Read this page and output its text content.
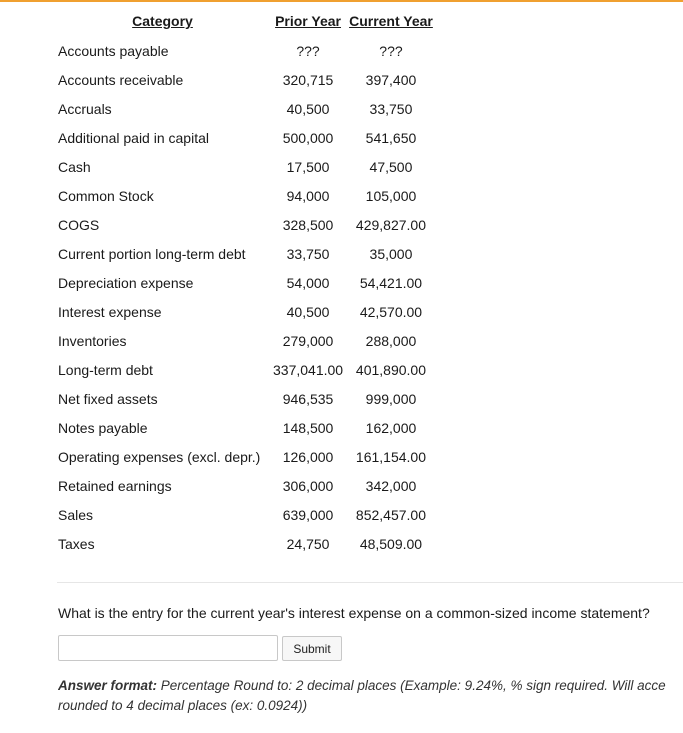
Category	Prior Year	Current Year
Accounts payable	???	???
Accounts receivable	320,715	397,400
Accruals	40,500	33,750
Additional paid in capital	500,000	541,650
Cash	17,500	47,500
Common Stock	94,000	105,000
COGS	328,500	429,827.00
Current portion long-term debt	33,750	35,000
Depreciation expense	54,000	54,421.00
Interest expense	40,500	42,570.00
Inventories	279,000	288,000
Long-term debt	337,041.00	401,890.00
Net fixed assets	946,535	999,000
Notes payable	148,500	162,000
Operating expenses (excl. depr.)	126,000	161,154.00
Retained earnings	306,000	342,000
Sales	639,000	852,457.00
Taxes	24,750	48,509.00
What is the entry for the current year's interest expense on a common-sized income statement?
Submit
Answer format: Percentage Round to: 2 decimal places (Example: 9.24%, % sign required. Will acce
rounded to 4 decimal places (ex: 0.0924))
